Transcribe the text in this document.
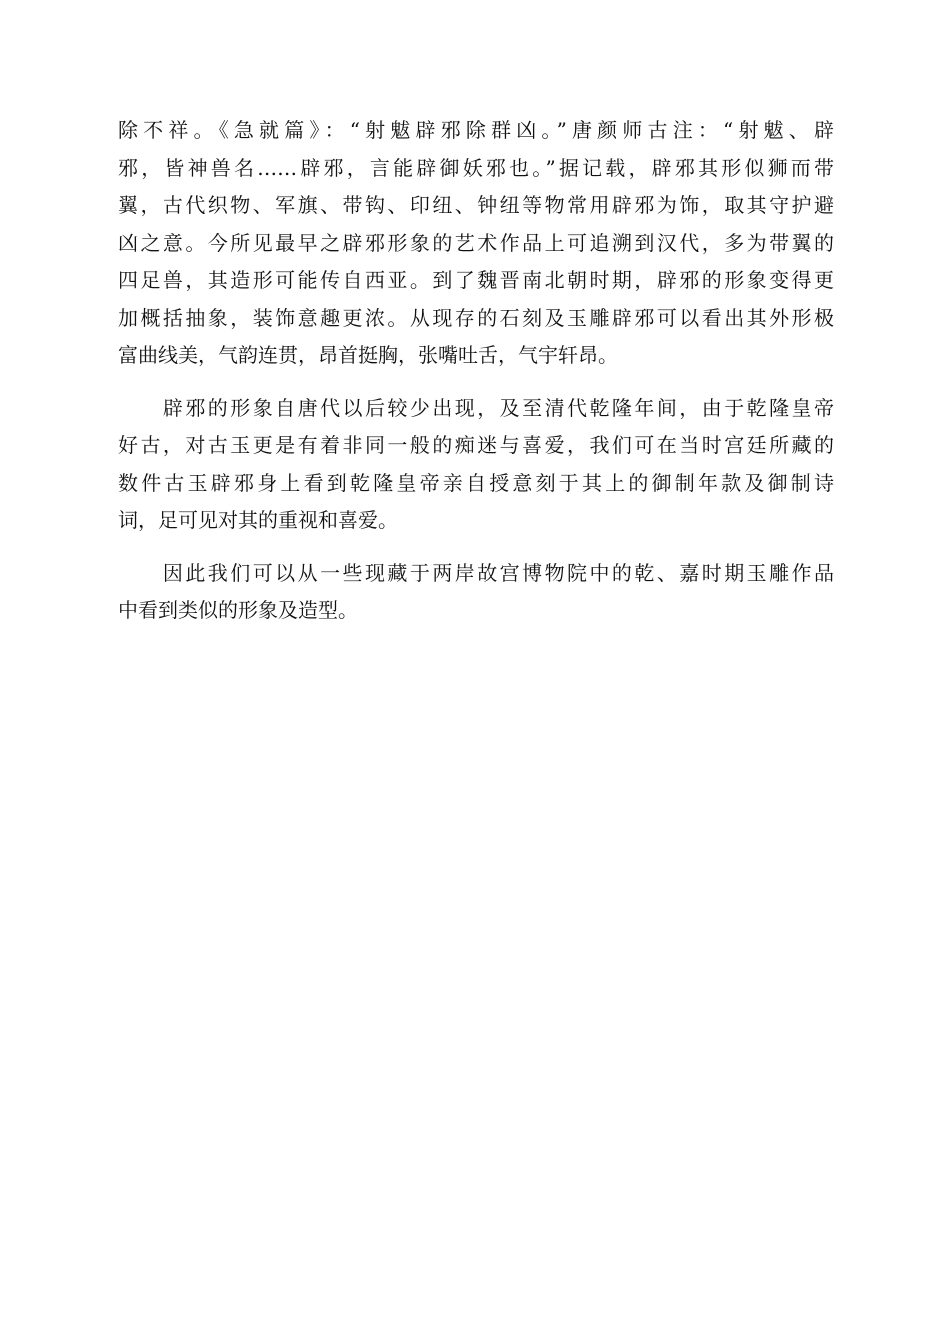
除不祥。《急就篇》：“射魃辟邪除群凶。”唐颜师古注：“射魃、辟
邪，皆神兽名……辟邪，言能辟御妖邪也。”据记载，辟邪其形似狮而带
翼，古代织物、军旗、带钩、印纽、钟纽等物常用辟邪为饰，取其守护避
凶之意。今所见最早之辟邪形象的艺术作品上可追溯到汉代，多为带翼的
四足兽，其造形可能传自西亚。到了魏晋南北朝时期，辟邪的形象变得更
加概括抽象，装饰意趣更浓。从现存的石刻及玉雕辟邪可以看出其外形极
富曲线美，气韵连贯，昂首挺胸，张嘴吐舌，气宇轩昂。
　　辟邪的形象自唐代以后较少出现，及至清代乾隆年间，由于乾隆皇帝
好古，对古玉更是有着非同一般的痴迷与喜爱，我们可在当时宫廷所藏的
数件古玉辟邪身上看到乾隆皇帝亲自授意刻于其上的御制年款及御制诗
词，足可见对其的重视和喜爱。
　　因此我们可以从一些现藏于两岸故宫博物院中的乾、嘉时期玉雕作品
中看到类似的形象及造型。
